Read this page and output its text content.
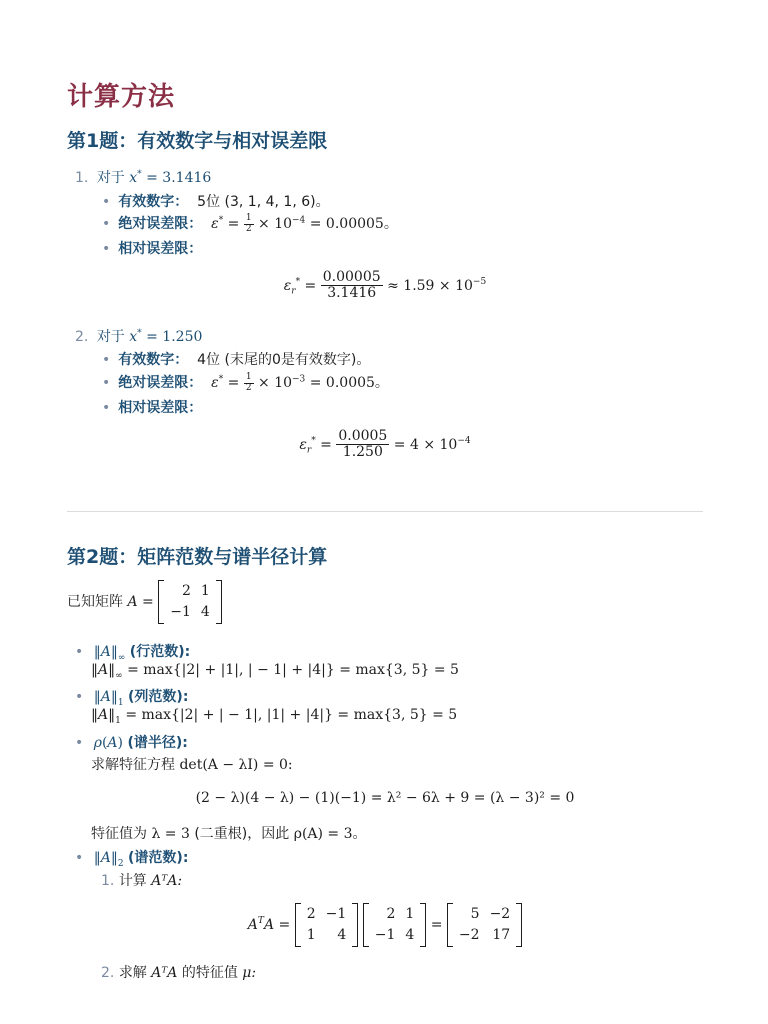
计算方法
第1题：有效数字与相对误差限
1. 对于 x* = 3.1416
• 有效数字： 5位 (3, 1, 4, 1, 6)。
• 绝对误差限： $\varepsilon^* = \frac{1}{2} \times 10^{-4} = 0.00005$。
• 相对误差限：
$\varepsilon_r^* = \frac{0.00005}{3.1416} \approx 1.59 \times 10^{-5}$
2. 对于 x* = 1.250
• 有效数字： 4位 (末尾的0是有效数字)。
• 绝对误差限： $\varepsilon^* = \frac{1}{2} \times 10^{-3} = 0.0005$。
• 相对误差限：
$\varepsilon_r^* = \frac{0.0005}{1.250} = 4 \times 10^{-4}$
第2题：矩阵范数与谱半径计算
已知矩阵 A =
2	1
−1	4
• $‖A‖_\infty$ (行范数):
$‖A‖_\infty = \max\{|2| + |1|$, | − 1| + |4|} = max{3, 5} = 5
• $‖A‖_1$ (列范数):
$‖A‖_1 = \max\{|2|$ + | − 1|, |1| + |4|} = max{3, 5} = 5
• ρ(A) (谱半径):
求解特征方程 det(A − λI) = 0:
(2 − λ)(4 − λ) − (1)(−1) = λ² − 6λ + 9 = (λ − 3)² = 0
特征值为 λ = 3 (二重根)，因此 ρ(A) = 3。
• $‖A‖_2$ (谱范数):
1. 计算 AᵀA:
$A^TA$ =
2	−1
1	4

2	1
−1	4
=
5	−2
−2	17
2. 求解 AᵀA 的特征值 μ:
